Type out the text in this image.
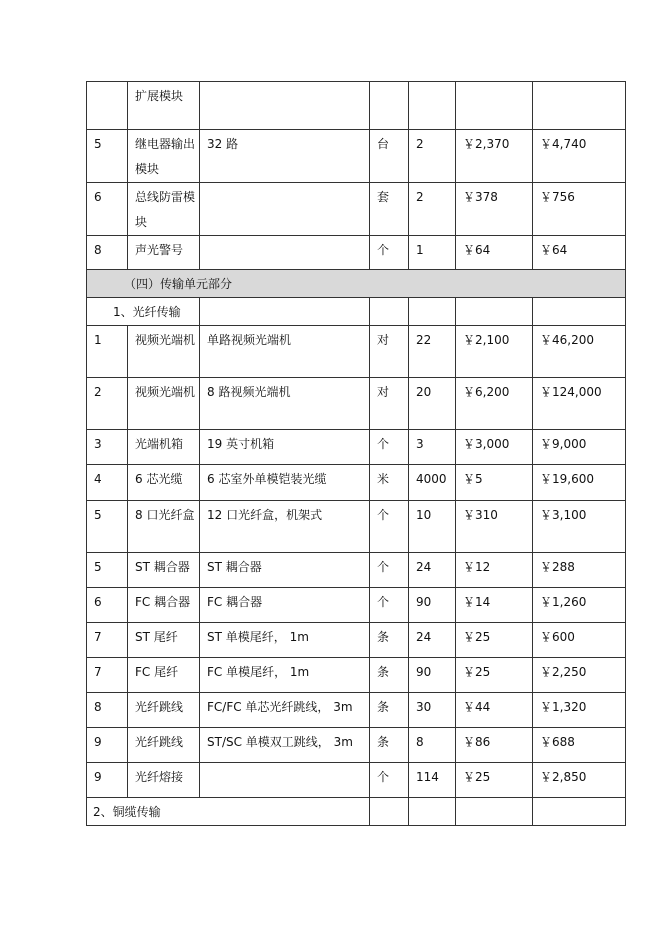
	扩展模块					
5	继电器输出模块	32 路	台	2	￥2,370	￥4,740
6	总线防雷模块		套	2	￥378	￥756
8	声光警号		个	1	￥64	￥64
（四）传输单元部分						
1、光纤传输						
1	视频光端机	单路视频光端机	对	22	￥2,100	￥46,200
2	视频光端机	8 路视频光端机	对	20	￥6,200	￥124,000
3	光端机箱	19 英寸机箱	个	3	￥3,000	￥9,000
4	6 芯光缆	6 芯室外单模铠装光缆	米	4000	￥5	￥19,600
5	8 口光纤盒	12 口光纤盒，机架式	个	10	￥310	￥3,100
5	ST 耦合器	ST 耦合器	个	24	￥12	￥288
6	FC 耦合器	FC 耦合器	个	90	￥14	￥1,260
7	ST 尾纤	ST 单模尾纤， 1m	条	24	￥25	￥600
7	FC 尾纤	FC 单模尾纤， 1m	条	90	￥25	￥2,250
8	光纤跳线	FC/FC 单芯光纤跳线， 3m	条	30	￥44	￥1,320
9	光纤跳线	ST/SC 单模双工跳线， 3m	条	8	￥86	￥688
9	光纤熔接		个	114	￥25	￥2,850
2、铜缆传输						
